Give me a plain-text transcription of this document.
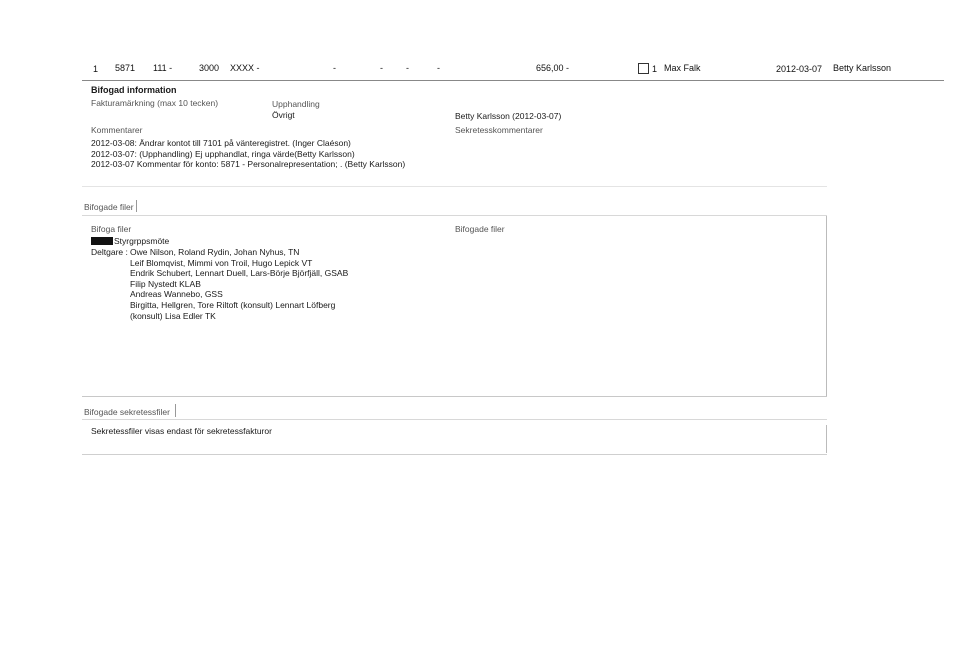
1 5871 111 -	3000 XXXX -	-	-	-	-	656,00 -	1 Max Falk	2012-03-07 Betty Karlsson
Bifogad information
Fakturamärkning (max 10 tecken)	Upphandling
Övrigt	Betty Karlsson (2012-03-07)
Kommentarer	Sekretesskommentarer
2012-03-08: Ändrar kontot till 7101 på vänteregistret. (Inger Claéson)
2012-03-07: (Upphandling) Ej upphandlat, ringa värde(Betty Karlsson)
2012-03-07 Kommentar för konto: 5871 - Personalrepresentation; . (Betty Karlsson)
Bifogade filer
Bifoga filer	Bifogade filer
Styrgrppsmöte
Deltgare : Owe Nilson, Roland Rydin, Johan Nyhus, TN
Leif Blomqvist, Mimmi von Troil, Hugo Lepick VT
Endrik Schubert, Lennart Duell, Lars-Börje Björfjäll, GSAB
Filip Nystedt KLAB
Andreas Wannebo, GSS
Birgitta, Hellgren, Tore Riltoft (konsult) Lennart Löfberg
(konsult) Lisa Edler TK
Bifogade sekretessfiler
Sekretessfiler visas endast för sekretessfakturor
